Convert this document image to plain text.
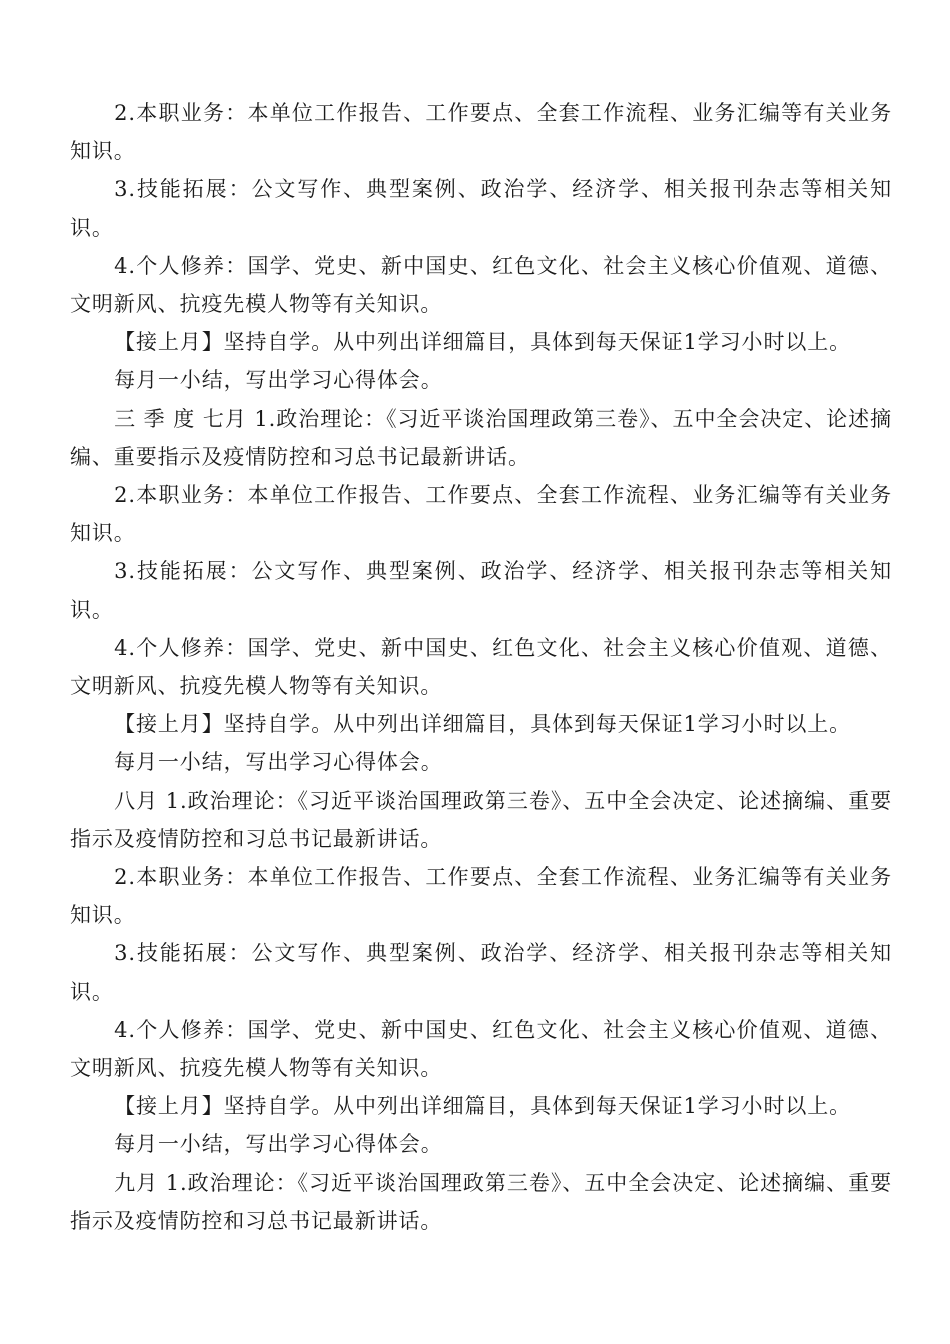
2.本职业务：本单位工作报告、工作要点、全套工作流程、业务汇编等有关业务知识。

3.技能拓展：公文写作、典型案例、政治学、经济学、相关报刊杂志等相关知识。

4.个人修养：国学、党史、新中国史、红色文化、社会主义核心价值观、道德、文明新风、抗疫先模人物等有关知识。

【接上月】坚持自学。从中列出详细篇目，具体到每天保证1学习小时以上。

每月一小结，写出学习心得体会。

三 季 度 七月 1.政治理论：《习近平谈治国理政第三卷》、五中全会决定、论述摘编、重要指示及疫情防控和习总书记最新讲话。

2.本职业务：本单位工作报告、工作要点、全套工作流程、业务汇编等有关业务知识。

3.技能拓展：公文写作、典型案例、政治学、经济学、相关报刊杂志等相关知识。

4.个人修养：国学、党史、新中国史、红色文化、社会主义核心价值观、道德、文明新风、抗疫先模人物等有关知识。

【接上月】坚持自学。从中列出详细篇目，具体到每天保证1学习小时以上。

每月一小结，写出学习心得体会。

八月 1.政治理论：《习近平谈治国理政第三卷》、五中全会决定、论述摘编、重要指示及疫情防控和习总书记最新讲话。

2.本职业务：本单位工作报告、工作要点、全套工作流程、业务汇编等有关业务知识。

3.技能拓展：公文写作、典型案例、政治学、经济学、相关报刊杂志等相关知识。

4.个人修养：国学、党史、新中国史、红色文化、社会主义核心价值观、道德、文明新风、抗疫先模人物等有关知识。

【接上月】坚持自学。从中列出详细篇目，具体到每天保证1学习小时以上。

每月一小结，写出学习心得体会。

九月 1.政治理论：《习近平谈治国理政第三卷》、五中全会决定、论述摘编、重要指示及疫情防控和习总书记最新讲话。
